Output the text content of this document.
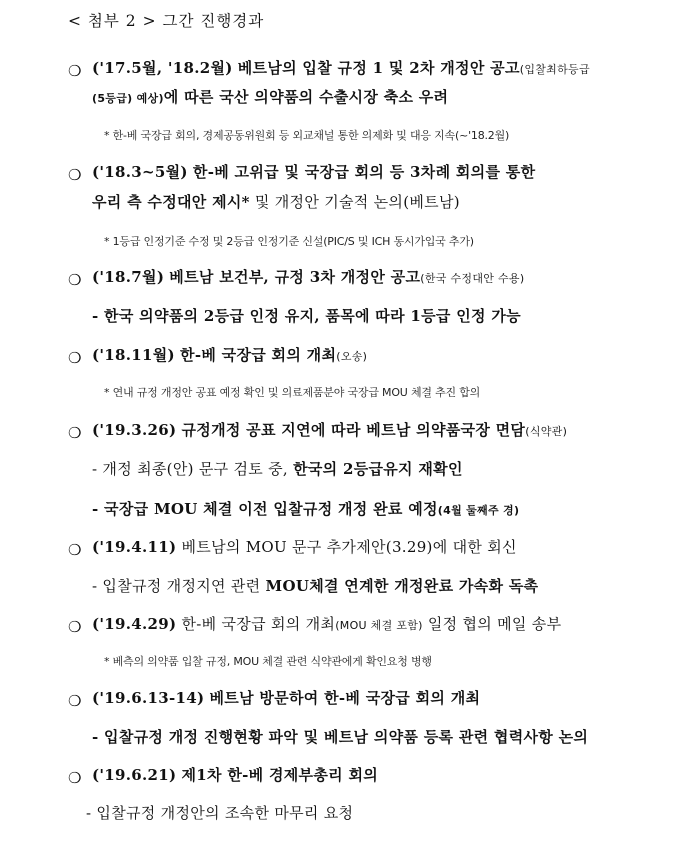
< 첨부 2 > 그간 진행경과
❍ ('17.5월, '18.2월) 베트남의 입찰 규정 1 및 2차 개정안 공고(입찰최하등급
(5등급) 예상)에 따른 국산 의약품의 수출시장 축소 우려
* 한-베 국장급 회의, 경제공동위원회 등 외교채널 통한 의제화 및 대응 지속(~'18.2월)
❍ ('18.3~5월) 한-베 고위급 및 국장급 회의 등 3차례 회의를 통한
우리 측 수정대안 제시* 및 개정안 기술적 논의(베트남)
* 1등급 인정기준 수정 및 2등급 인정기준 신설(PIC/S 및 ICH 동시가입국 추가)
❍ ('18.7월) 베트남 보건부, 규정 3차 개정안 공고(한국 수정대안 수용)
- 한국 의약품의 2등급 인정 유지, 품목에 따라 1등급 인정 가능
❍ ('18.11월) 한-베 국장급 회의 개최(오송)
* 연내 규정 개정안 공표 예정 확인 및 의료제품분야 국장급 MOU 체결 추진 합의
❍ ('19.3.26) 규정개정 공표 지연에 따라 베트남 의약품국장 면담(식약관)
- 개정 최종(안) 문구 검토 중, 한국의 2등급유지 재확인
- 국장급 MOU 체결 이전 입찰규정 개정 완료 예정(4월 둘째주 경)
❍ ('19.4.11) 베트남의 MOU 문구 추가제안(3.29)에 대한 회신
- 입찰규정 개정지연 관련 MOU체결 연계한 개정완료 가속화 독촉
❍ ('19.4.29) 한-베 국장급 회의 개최(MOU 체결 포함) 일정 협의 메일 송부
* 베측의 의약품 입찰 규정, MOU 체결 관련 식약관에게 확인요청 병행
❍ ('19.6.13-14) 베트남 방문하여 한-베 국장급 회의 개최
- 입찰규정 개정 진행현황 파악 및 베트남 의약품 등록 관련 협력사항 논의
❍ ('19.6.21) 제1차 한-베 경제부총리 회의
- 입찰규정 개정안의 조속한 마무리 요청
